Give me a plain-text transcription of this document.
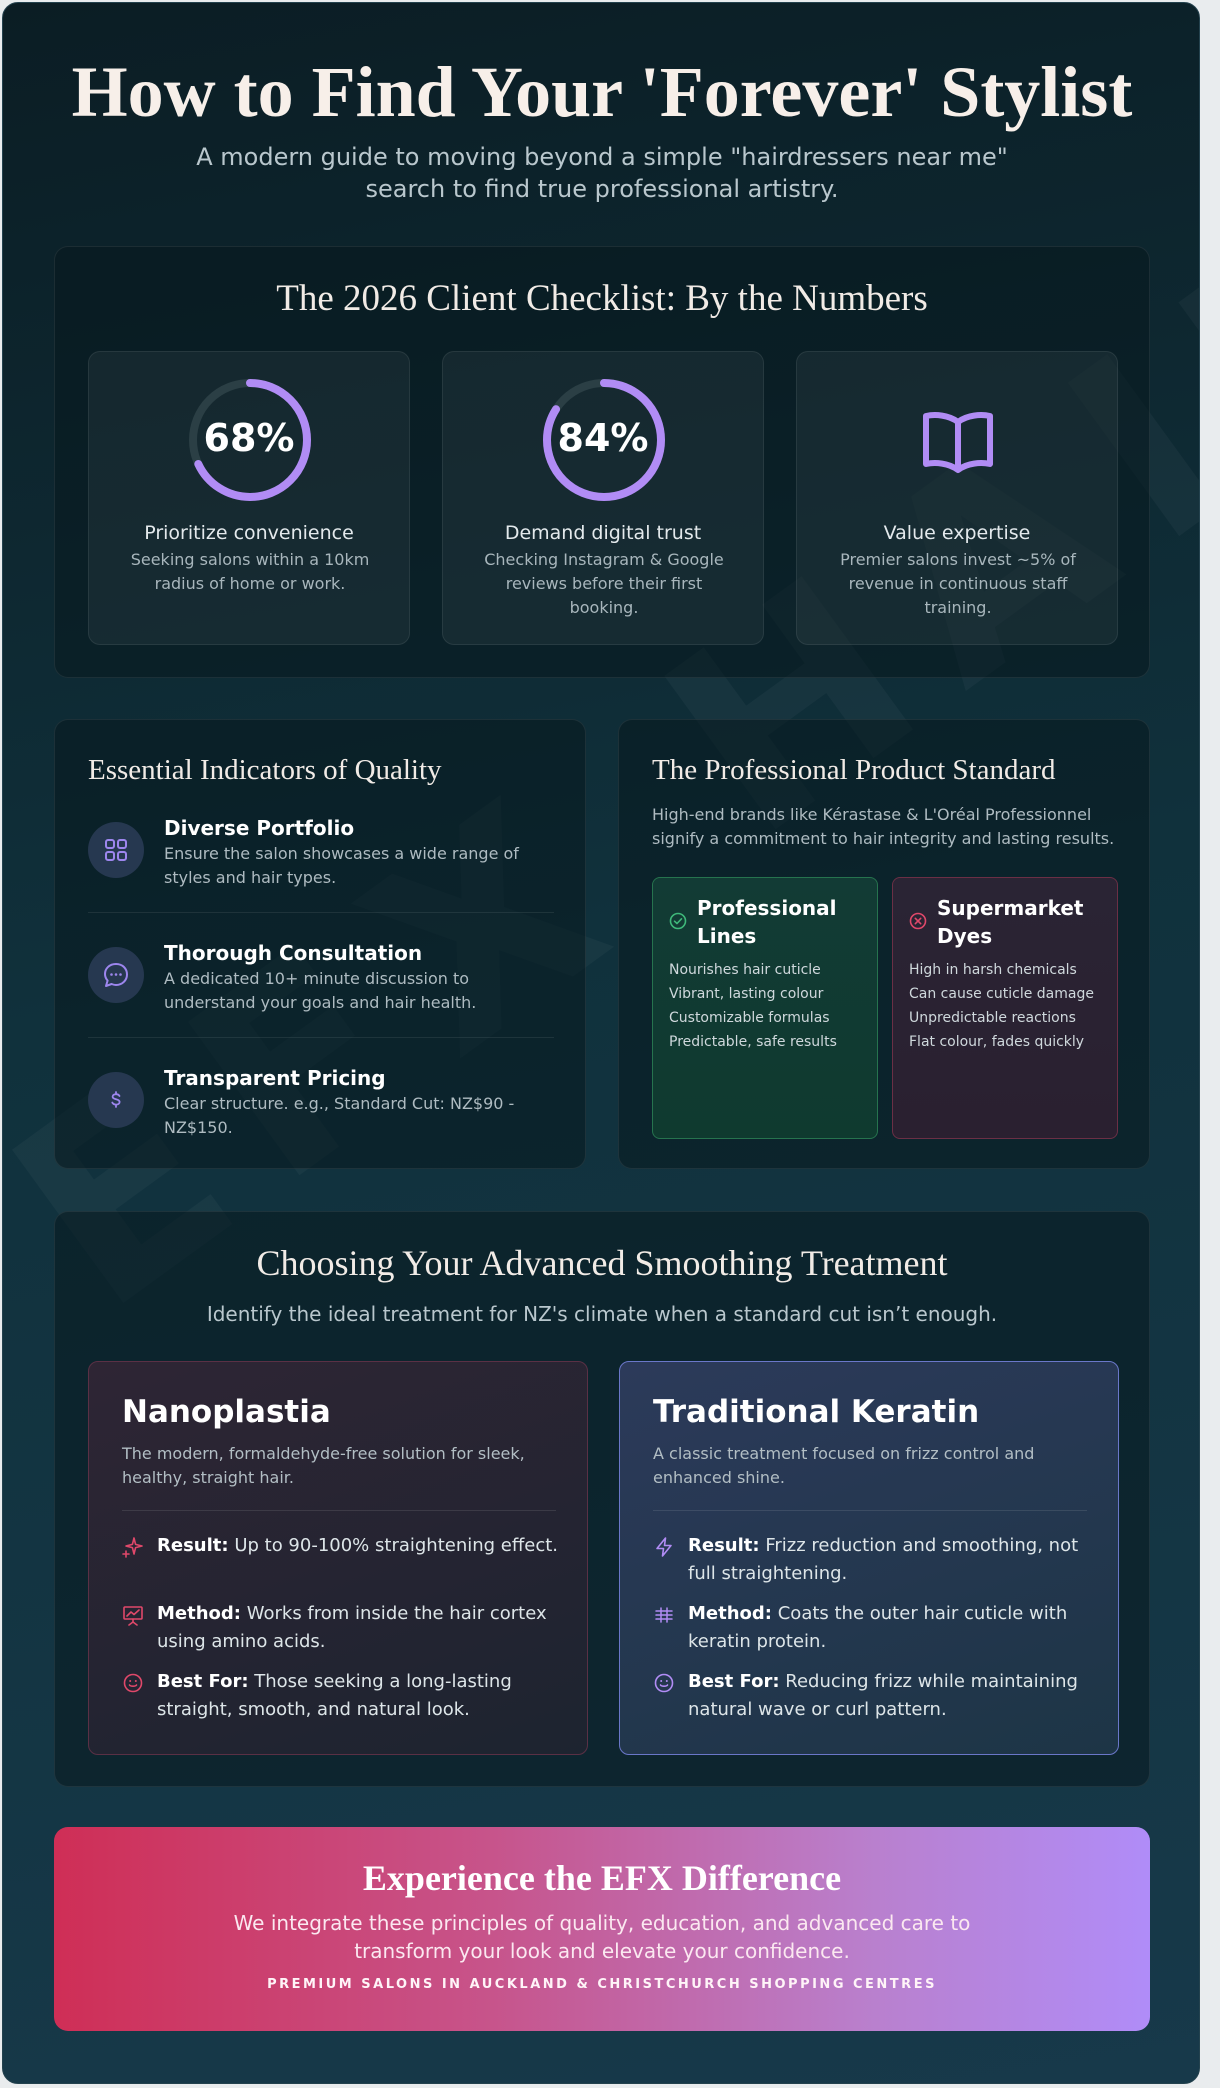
How to Find Your 'Forever' Stylist

A modern guide to moving beyond a simple "hairdressers near me" search to find true professional artistry.

The 2026 Client Checklist: By the Numbers
68%
Prioritize convenience
Seeking salons within a 10km radius of home or work.
84%
Demand digital trust
Checking Instagram & Google reviews before their first booking.
Value expertise
Premier salons invest ~5% of revenue in continuous staff training.
Essential Indicators of Quality
Diverse Portfolio
Ensure the salon showcases a wide range of styles and hair types.
Thorough Consultation
A dedicated 10+ minute discussion to understand your goals and hair health.
Transparent Pricing
Clear structure. e.g., Standard Cut: NZ$90 - NZ$150.
The Professional Product Standard

High-end brands like Kérastase & L'Oréal Professionnel signify a commitment to hair integrity and lasting results.

Professional Lines
Nourishes hair cuticle
Vibrant, lasting colour
Customizable formulas
Predictable, safe results
Supermarket Dyes
High in harsh chemicals
Can cause cuticle damage
Unpredictable reactions
Flat colour, fades quickly
Choosing Your Advanced Smoothing Treatment

Identify the ideal treatment for NZ's climate when a standard cut isn’t enough.

Nanoplastia
The modern, formaldehyde-free solution for sleek, healthy, straight hair.
Result: Up to 90-100% straightening effect.
Method: Works from inside the hair cortex using amino acids.
Best For: Those seeking a long-lasting straight, smooth, and natural look.
Traditional Keratin
A classic treatment focused on frizz control and enhanced shine.
Result: Frizz reduction and smoothing, not full straightening.
Method: Coats the outer hair cuticle with keratin protein.
Best For: Reducing frizz while maintaining natural wave or curl pattern.
Experience the EFX Difference

We integrate these principles of quality, education, and advanced care to transform your look and elevate your confidence.

PREMIUM SALONS IN AUCKLAND & CHRISTCHURCH SHOPPING CENTRES
